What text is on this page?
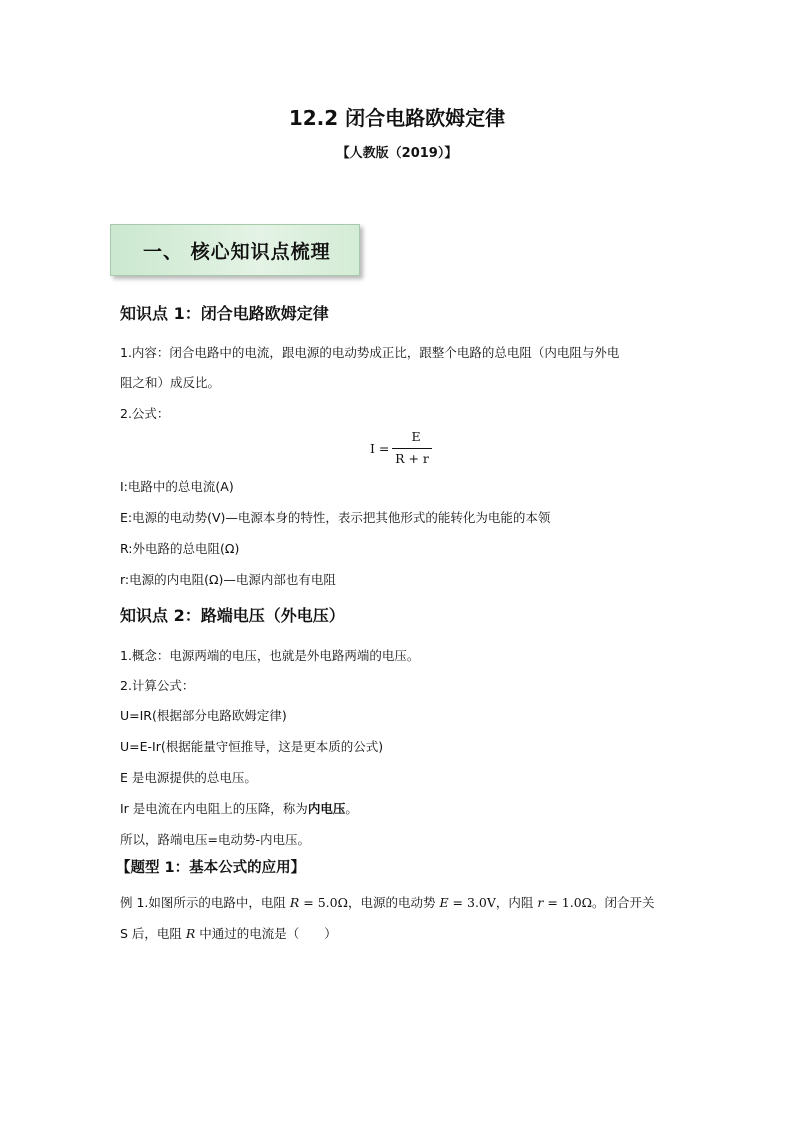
12.2 闭合电路欧姆定律
【人教版（2019）】
一、 核心知识点梳理
知识点 1：闭合电路欧姆定律
1.内容：闭合电路中的电流，跟电源的电动势成正比，跟整个电路的总电阻（内电阻与外电
阻之和）成反比。
2.公式：
I =
E
R + r
I:电路中的总电流(A)
E:电源的电动势(V)—电源本身的特性，表示把其他形式的能转化为电能的本领
R:外电路的总电阻(Ω)
r:电源的内电阻(Ω)—电源内部也有电阻
知识点 2：路端电压（外电压）
1.概念：电源两端的电压，也就是外电路两端的电压。
2.计算公式：
U=IR(根据部分电路欧姆定律)
U=E-Ir(根据能量守恒推导，这是更本质的公式)
E 是电源提供的总电压。
Ir 是电流在内电阻上的压降，称为内电压。
所以，路端电压=电动势-内电压。
【题型 1：基本公式的应用】
例 1.如图所示的电路中，电阻 R = 5.0Ω，电源的电动势 E = 3.0V，内阻 r = 1.0Ω。闭合开关
S 后，电阻 R 中通过的电流是（　　）
